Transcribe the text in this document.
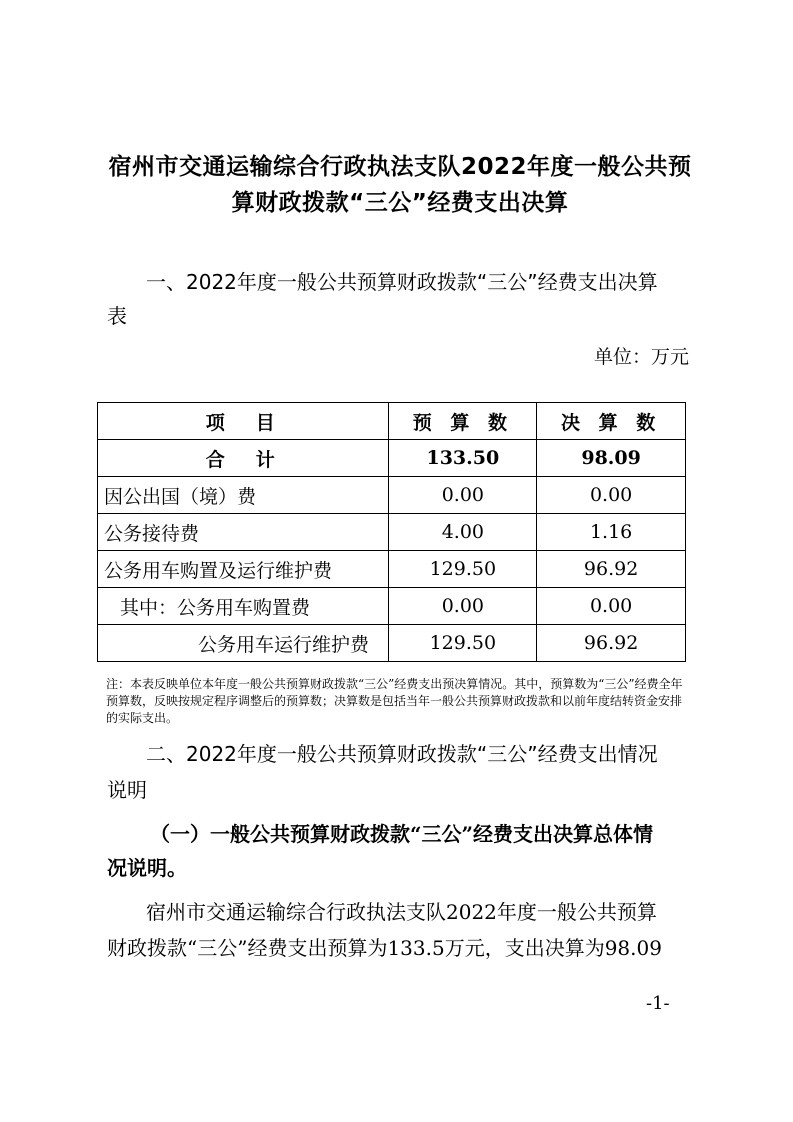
宿州市交通运输综合行政执法支队2022年度一般公共预
算财政拨款“三公”经费支出决算
一、2022年度一般公共预算财政拨款“三公”经费支出决算
表
单位：万元
项　目	预 算 数	决 算 数
合　计	133.50	98.09
因公出国（境）费	0.00	0.00
公务接待费	4.00	1.16
公务用车购置及运行维护费	129.50	96.92
其中：公务用车购置费	0.00	0.00
公务用车运行维护费	129.50	96.92
注：本表反映单位本年度一般公共预算财政拨款“三公”经费支出预决算情况。其中，预算数为“三公”经费全年预算数，反映按规定程序调整后的预算数；决算数是包括当年一般公共预算财政拨款和以前年度结转资金安排的实际支出。
二、2022年度一般公共预算财政拨款“三公”经费支出情况
说明
（一）一般公共预算财政拨款“三公”经费支出决算总体情
况说明。
宿州市交通运输综合行政执法支队2022年度一般公共预算
财政拨款“三公”经费支出预算为133.5万元，支出决算为98.09
-1-
